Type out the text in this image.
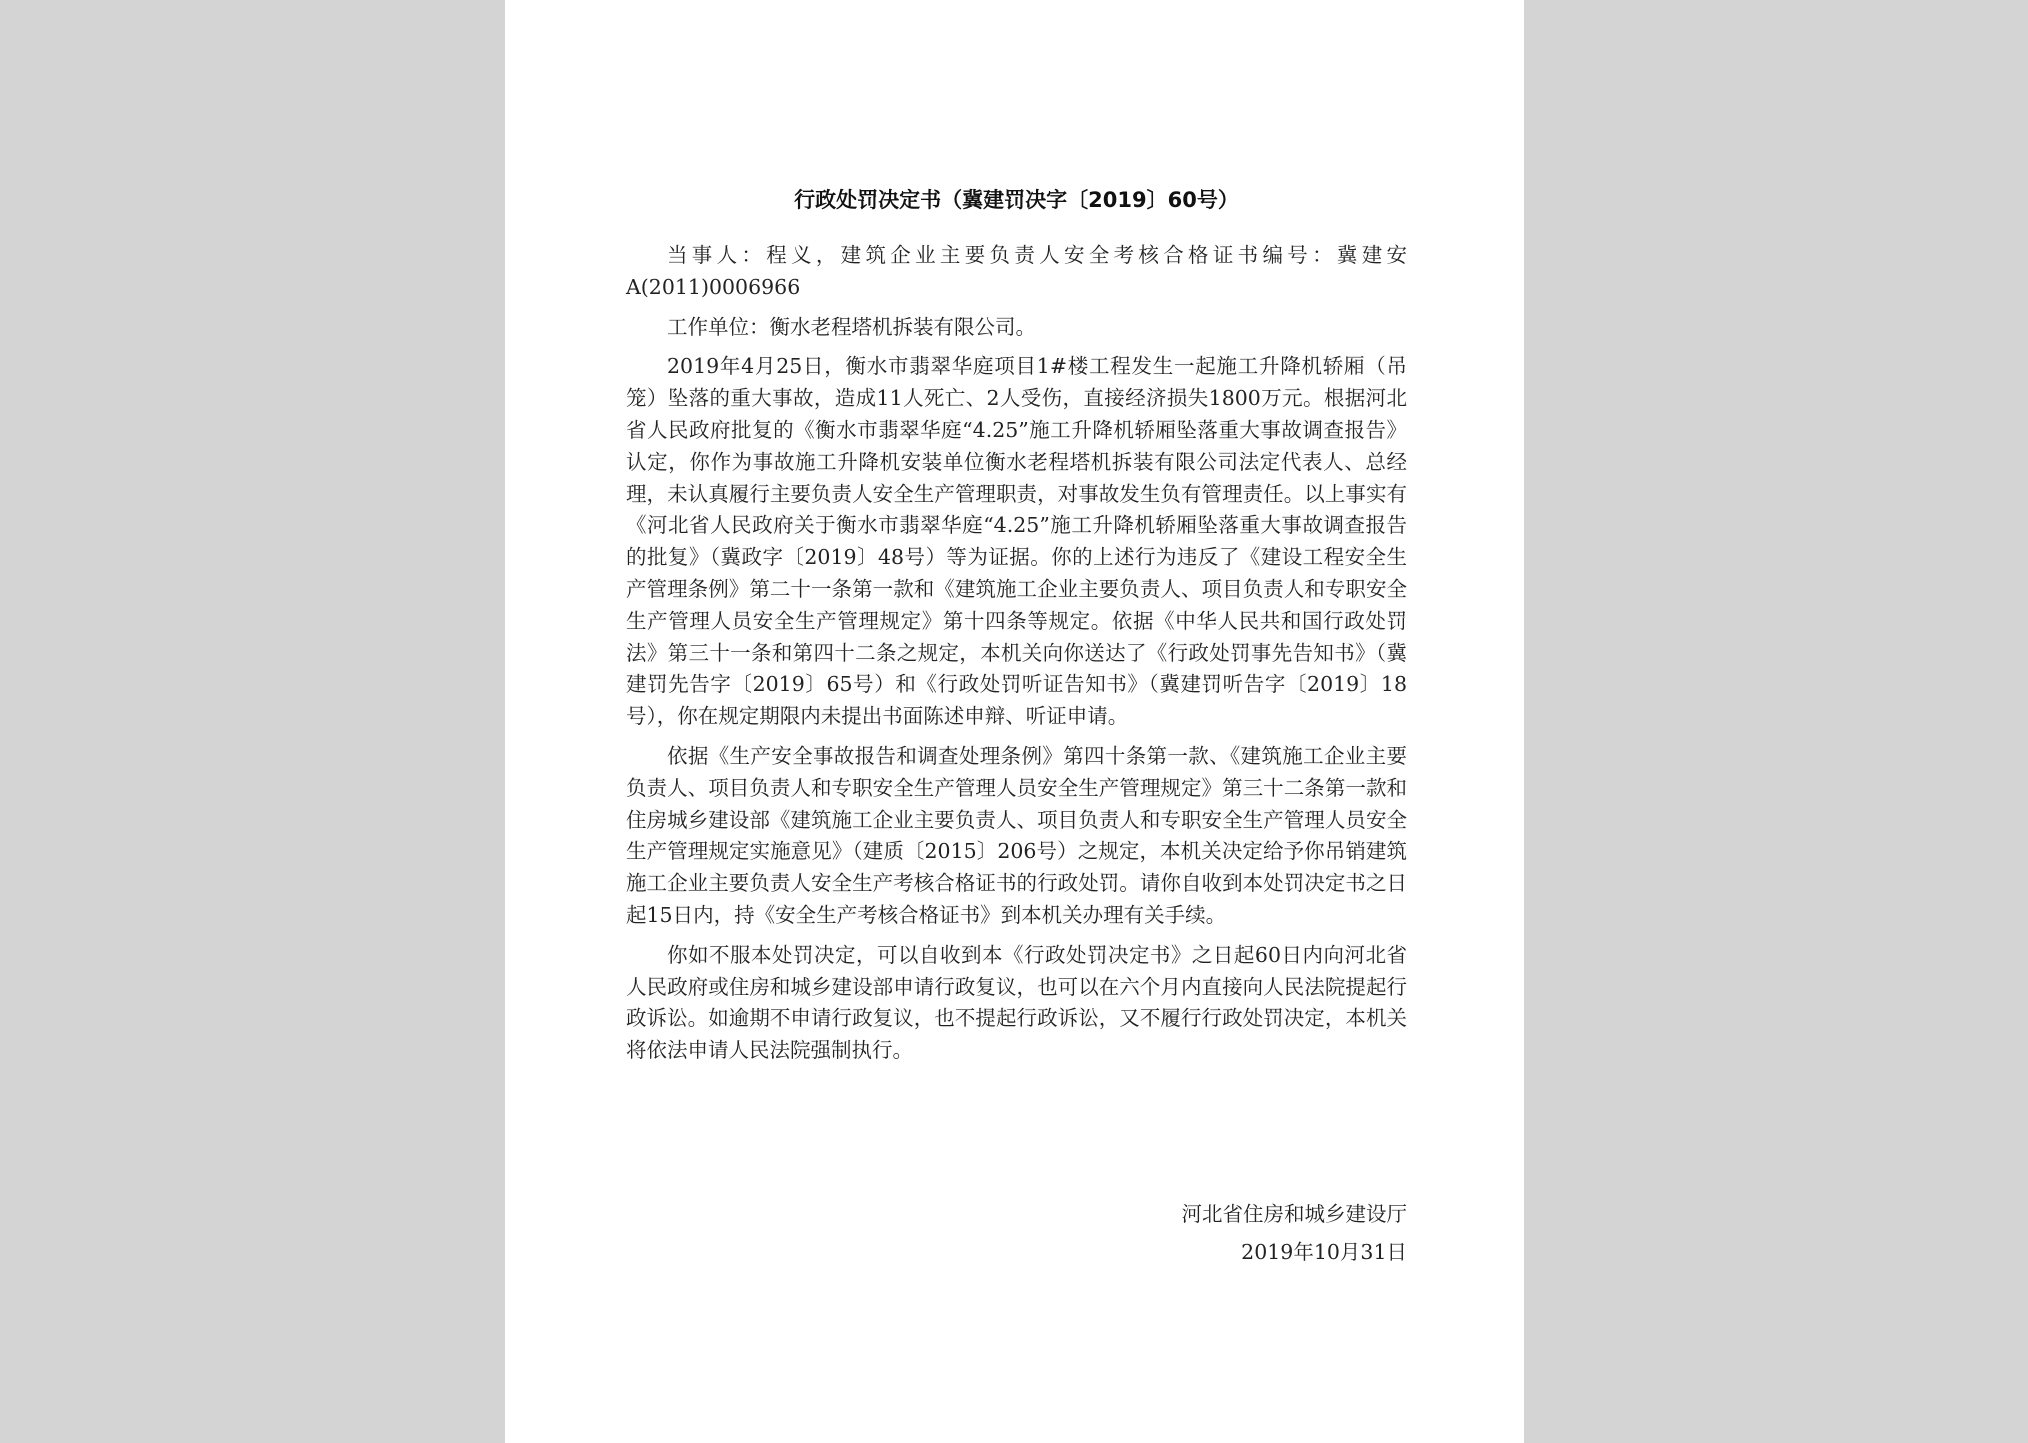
行政处罚决定书（冀建罚决字〔2019〕60号）

当事人：程义，建筑企业主要负责人安全考核合格证书编号：冀建安A(2011)0006966

工作单位：衡水老程塔机拆装有限公司。

2019年4月25日，衡水市翡翠华庭项目1#楼工程发生一起施工升降机轿厢（吊笼）坠落的重大事故，造成11人死亡、2人受伤，直接经济损失1800万元。根据河北省人民政府批复的《衡水市翡翠华庭“4.25”施工升降机轿厢坠落重大事故调查报告》认定，你作为事故施工升降机安装单位衡水老程塔机拆装有限公司法定代表人、总经理，未认真履行主要负责人安全生产管理职责，对事故发生负有管理责任。以上事实有《河北省人民政府关于衡水市翡翠华庭“4.25”施工升降机轿厢坠落重大事故调查报告的批复》（冀政字〔2019〕48号）等为证据。你的上述行为违反了《建设工程安全生产管理条例》第二十一条第一款和《建筑施工企业主要负责人、项目负责人和专职安全生产管理人员安全生产管理规定》第十四条等规定。依据《中华人民共和国行政处罚法》第三十一条和第四十二条之规定，本机关向你送达了《行政处罚事先告知书》（冀建罚先告字〔2019〕65号）和《行政处罚听证告知书》（冀建罚听告字〔2019〕18号），你在规定期限内未提出书面陈述申辩、听证申请。

依据《生产安全事故报告和调查处理条例》第四十条第一款、《建筑施工企业主要负责人、项目负责人和专职安全生产管理人员安全生产管理规定》第三十二条第一款和住房城乡建设部《建筑施工企业主要负责人、项目负责人和专职安全生产管理人员安全生产管理规定实施意见》（建质〔2015〕206号）之规定，本机关决定给予你吊销建筑施工企业主要负责人安全生产考核合格证书的行政处罚。请你自收到本处罚决定书之日起15日内，持《安全生产考核合格证书》到本机关办理有关手续。

你如不服本处罚决定，可以自收到本《行政处罚决定书》之日起60日内向河北省人民政府或住房和城乡建设部申请行政复议，也可以在六个月内直接向人民法院提起行政诉讼。如逾期不申请行政复议，也不提起行政诉讼，又不履行行政处罚决定，本机关将依法申请人民法院强制执行。

河北省住房和城乡建设厅
2019年10月31日
